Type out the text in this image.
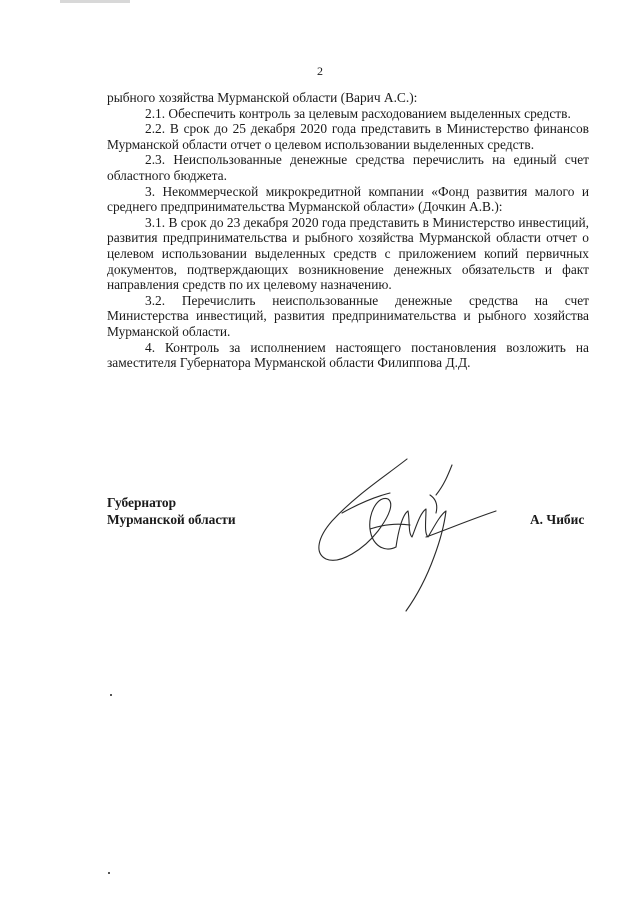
2

рыбного хозяйства Мурманской области (Варич А.С.):

2.1. Обеспечить контроль за целевым расходованием выделенных средств.

2.2. В срок до 25 декабря 2020 года представить в Министерство финансов Мурманской области отчет о целевом использовании выделенных средств.

2.3. Неиспользованные денежные средства перечислить на единый счет областного бюджета.

3. Некоммерческой микрокредитной компании «Фонд развития малого и среднего предпринимательства Мурманской области» (Дочкин А.В.):

3.1. В срок до 23 декабря 2020 года представить в Министерство инвестиций, развития предпринимательства и рыбного хозяйства Мурманской области отчет о целевом использовании выделенных средств с приложением копий первичных документов, подтверждающих возникновение денежных обязательств и факт направления средств по их целевому назначению.

3.2. Перечислить неиспользованные денежные средства на счет Министерства инвестиций, развития предпринимательства и рыбного хозяйства Мурманской области.

4. Контроль за исполнением настоящего постановления возложить на заместителя Губернатора Мурманской области Филиппова Д.Д.

Губернатор
Мурманской области	А. Чибис
